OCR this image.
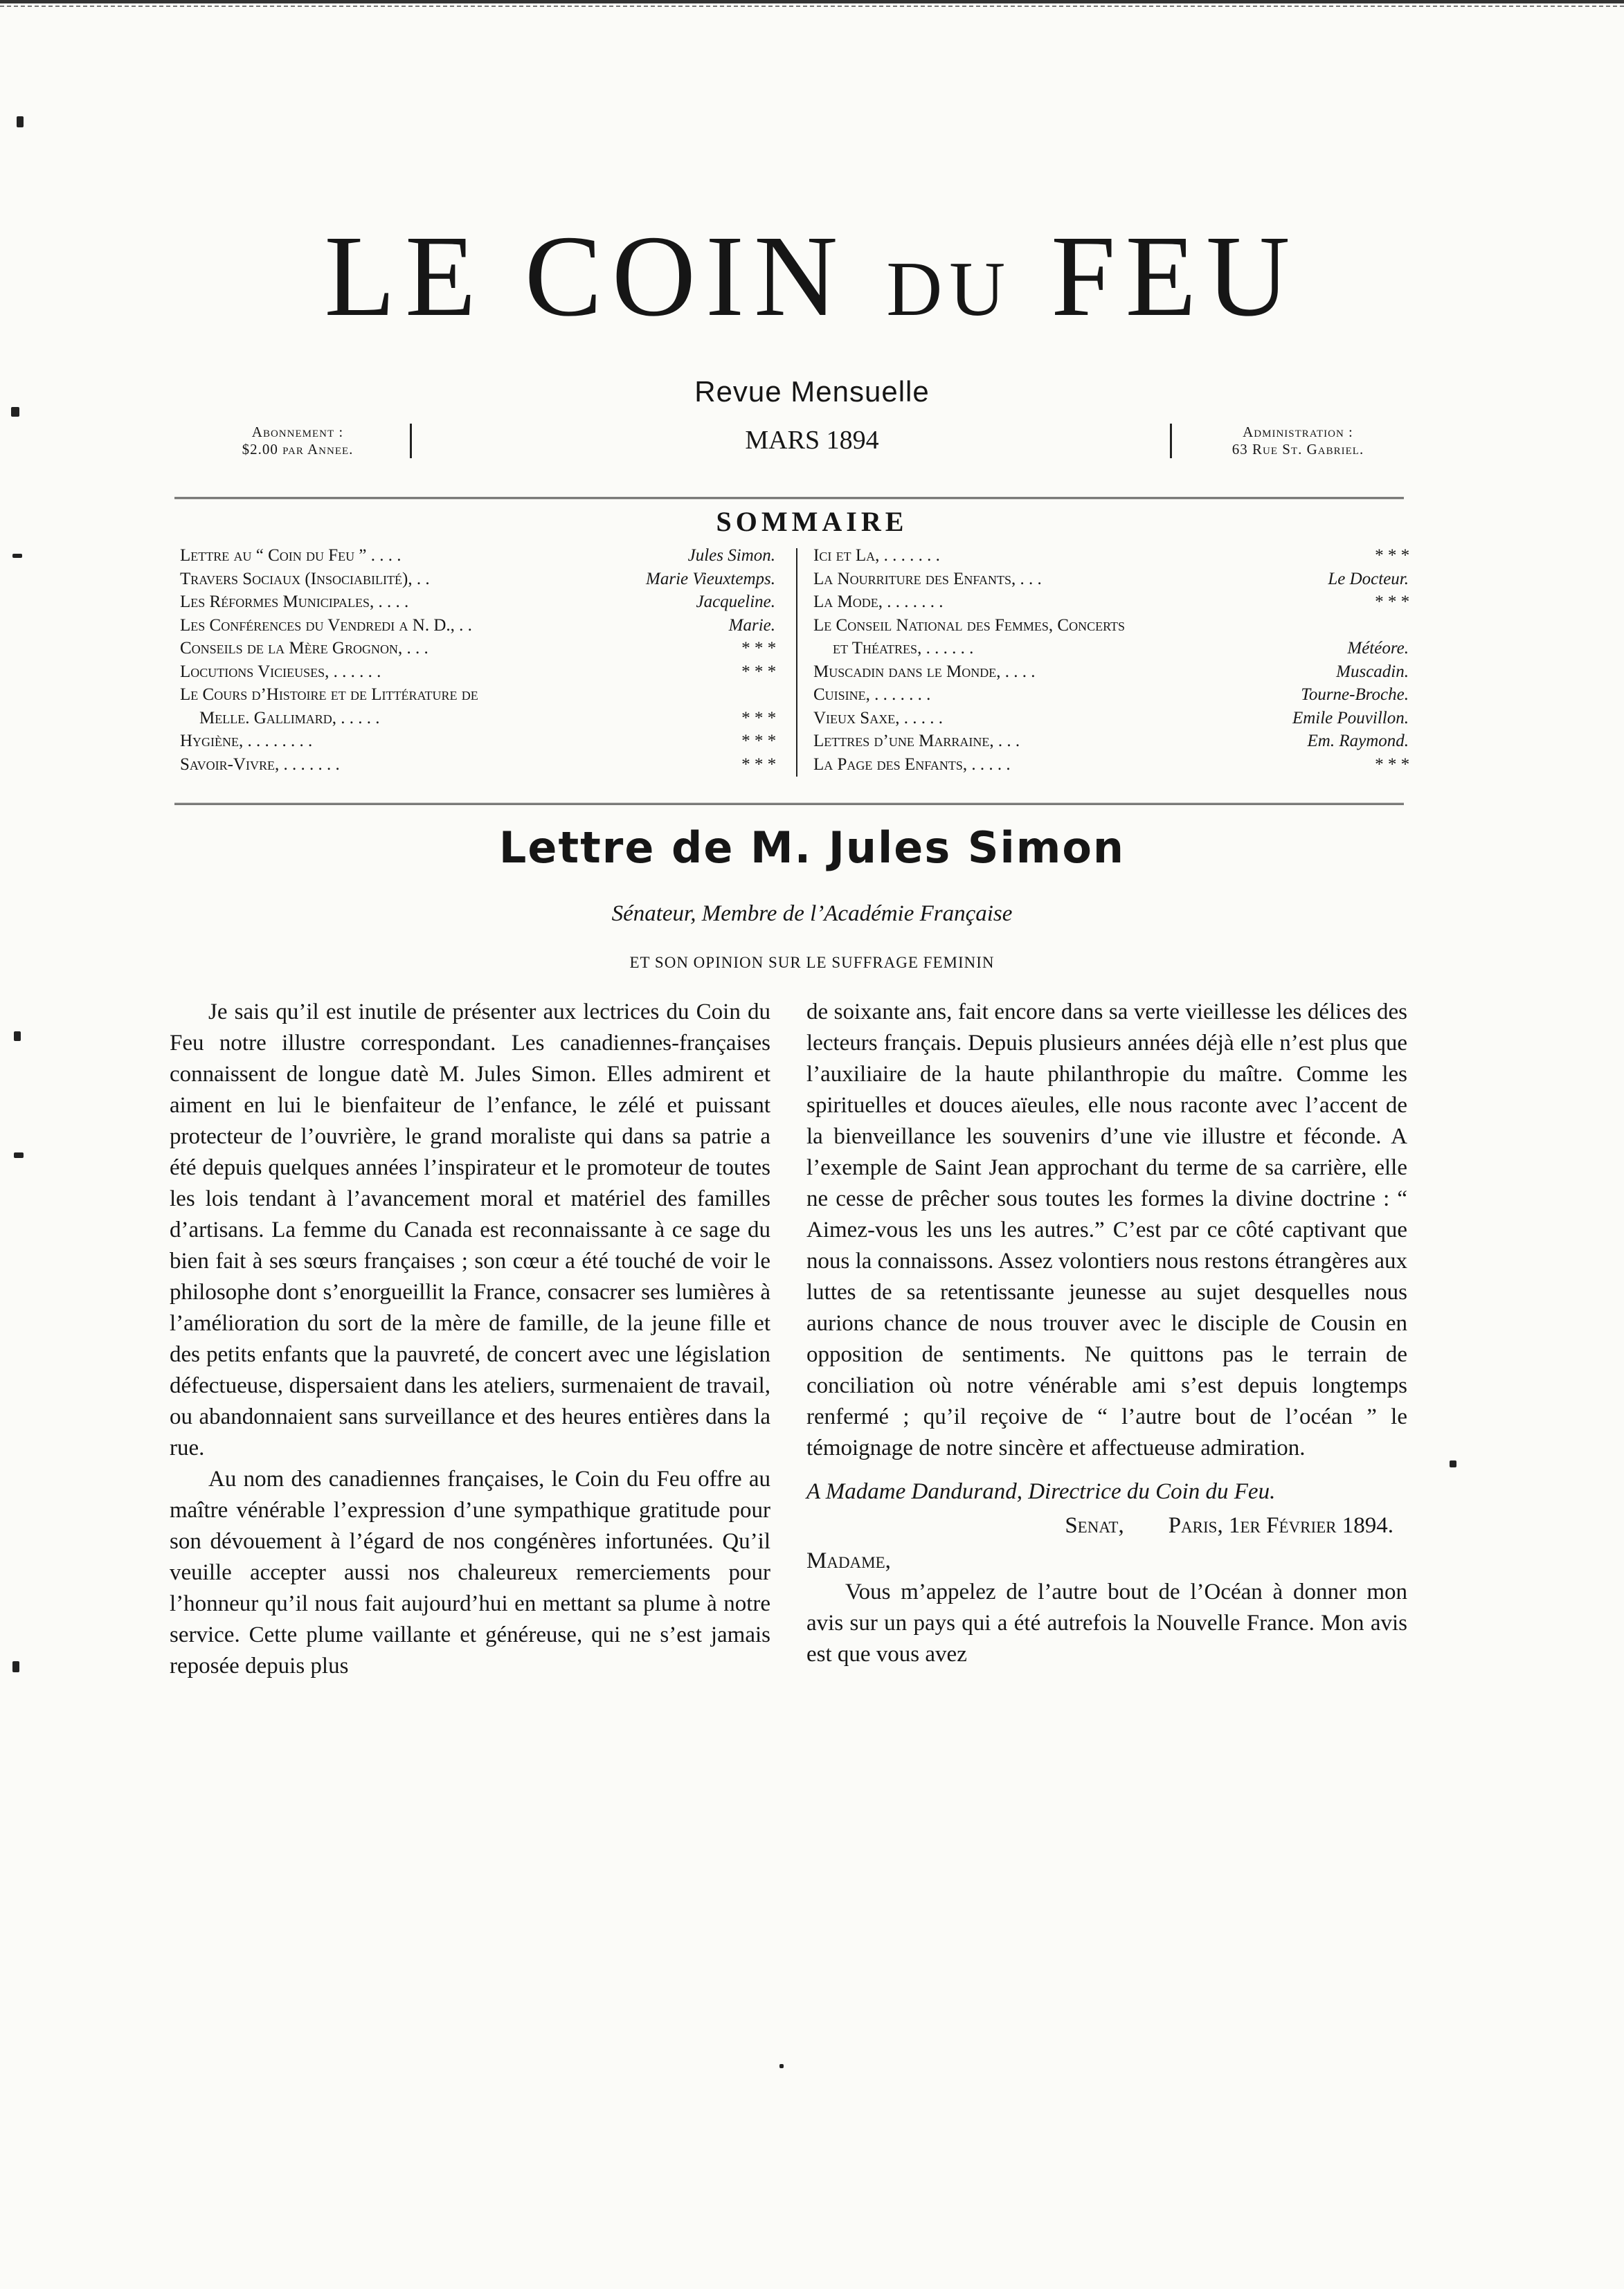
LE COIN DU FEU
Revue Mensuelle
MARS 1894
Abonnement :
$2.00 par Annee.
Administration :
63 Rue St. Gabriel.
SOMMAIRE
Lettre au “ Coin du Feu ” . . . .	Jules Simon.
Travers Sociaux (Insociabilité), . .	Marie Vieuxtemps.
Les Réformes Municipales, . . . .	Jacqueline.
Les Conférences du Vendredi a N. D., . .	Marie.
Conseils de la Mère Grognon, . . .	* * *
Locutions Vicieuses, . . . . . .	* * *
Le Cours d’Histoire et de Littérature de
Melle. Gallimard, . . . . .	* * *
Hygiène, . . . . . . . .	* * *
Savoir-Vivre, . . . . . . .	* * *
Ici et La, . . . . . . .	* * *
La Nourriture des Enfants, . . .	Le Docteur.
La Mode, . . . . . . .	* * *
Le Conseil National des Femmes, Concerts
et Théatres, . . . . . .	Météore.
Muscadin dans le Monde, . . . .	Muscadin.
Cuisine, . . . . . . .	Tourne-Broche.
Vieux Saxe, . . . . .	Emile Pouvillon.
Lettres d’une Marraine, . . .	Em. Raymond.
La Page des Enfants, . . . . .	* * *
Lettre de M. Jules Simon
Sénateur, Membre de l’Académie Française
ET SON OPINION SUR LE SUFFRAGE FEMININ

Je sais qu’il est inutile de présenter aux lectrices du Coin du Feu notre illustre correspondant. Les canadiennes-françaises connaissent de longue datè M. Jules Simon. Elles admirent et aiment en lui le bienfaiteur de l’enfance, le zélé et puissant protecteur de l’ouvrière, le grand moraliste qui dans sa patrie a été depuis quelques années l’inspirateur et le promoteur de toutes les lois tendant à l’avancement moral et matériel des familles d’artisans. La femme du Canada est reconnaissante à ce sage du bien fait à ses sœurs françaises ; son cœur a été touché de voir le philosophe dont s’enorgueillit la France, consacrer ses lumières à l’amélioration du sort de la mère de famille, de la jeune fille et des petits enfants que la pauvreté, de concert avec une législation défectueuse, dispersaient dans les ateliers, surmenaient de travail, ou abandonnaient sans surveillance et des heures entières dans la rue.

Au nom des canadiennes françaises, le Coin du Feu offre au maître vénérable l’expression d’une sympathique gratitude pour son dévouement à l’égard de nos congénères infortunées. Qu’il veuille accepter aussi nos chaleureux remerciements pour l’honneur qu’il nous fait aujourd’hui en mettant sa plume à notre service. Cette plume vaillante et généreuse, qui ne s’est jamais reposée depuis plus

de soixante ans, fait encore dans sa verte vieillesse les délices des lecteurs français. Depuis plusieurs années déjà elle n’est plus que l’auxiliaire de la haute philanthropie du maître. Comme les spirituelles et douces aïeules, elle nous raconte avec l’accent de la bienveillance les souvenirs d’une vie illustre et féconde. A l’exemple de Saint Jean approchant du terme de sa carrière, elle ne cesse de prêcher sous toutes les formes la divine doctrine : “ Aimez-vous les uns les autres.” C’est par ce côté captivant que nous la connaissons. Assez volontiers nous restons étrangères aux luttes de sa retentissante jeunesse au sujet desquelles nous aurions chance de nous trouver avec le disciple de Cousin en opposition de sentiments. Ne quittons pas le terrain de conciliation où notre vénérable ami s’est depuis longtemps renfermé ; qu’il reçoive de “ l’autre bout de l’océan ” le témoignage de notre sincère et affectueuse admiration.

A Madame Dandurand, Directrice du Coin du Feu.

Senat, Paris, 1er Février 1894.

Madame,

Vous m’appelez de l’autre bout de l’Océan à donner mon avis sur un pays qui a été autrefois la Nouvelle France. Mon avis est que vous avez
